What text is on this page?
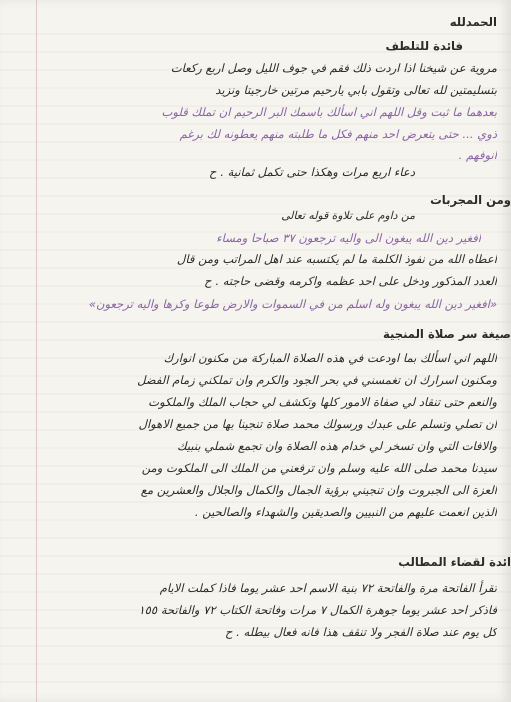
الحمدلله
فائدة للتلطف
مروية عن شيخنا اذا اردت ذلك فقم في جوف الليل وصل اربع ركعات
بتسليمتين لله تعالى وتقول بابي يارحيم مرتين خارجيتا ونزيد
بعدهما ما ثبت وقل اللهم اني اسألك باسمك البر الرحيم ان تملك قلوب
ذوي ... حتى يتعرض احد منهم فكل ما طلبته منهم يعطونه لك برغم
انوفهم .
دعاء اربع مرات وهكذا حتى تكمل ثمانية . ح
ومن المجربات
من داوم على تلاوة قوله تعالى
افغير دين الله يبغون الى واليه ترجعون ٣٧ صباحا ومساء
اعطاه الله من نفوذ الكلمة ما لم يكتسبه عند اهل المراتب ومن قال
العدد المذكور ودخل على احد عظمه واكرمه وقضى حاجته . ح
«افغير دين الله يبغون وله اسلم من في السموات والارض طوعا وكرها واليه ترجعون»
صيغة سر صلاة المنجية
اللهم اني اسألك بما اودعت في هذه الصلاة المباركة من مكنون انوارك
ومكنون اسرارك ان تغمسني في بحر الجود والكرم وان تملكني زمام الفضل
والنعم حتى تنقاد لي صفاة الامور كلها وتكشف لي حجاب الملك والملكوت
ان تصلي وتسلم على عبدك ورسولك محمد صلاة تنجينا بها من جميع الاهوال
والافات التي وان تسخر لي خدام هذه الصلاة وان تجمع شملي بنبيك
سيدنا محمد صلى الله عليه وسلم وان ترفعني من الملك الى الملكوت ومن
العزة الى الجبروت وان تنجيني برؤية الجمال والكمال والجلال والعشرين مع
الذين انعمت عليهم من النبيين والصديقين والشهداء والصالحين .
ائدة لقضاء المطالب
تقرأ الفاتحة مرة والفاتحة ٧٢ بنية الاسم احد عشر يوما فاذا كملت الايام
فاذكر احد عشر يوما جوهرة الكمال ٧ مرات وفاتحة الكتاب ٧٢ والفاتحة ١٥٥
كل يوم عند صلاة الفجر ولا تنقف هذا فانه فعال بيطله . ح
